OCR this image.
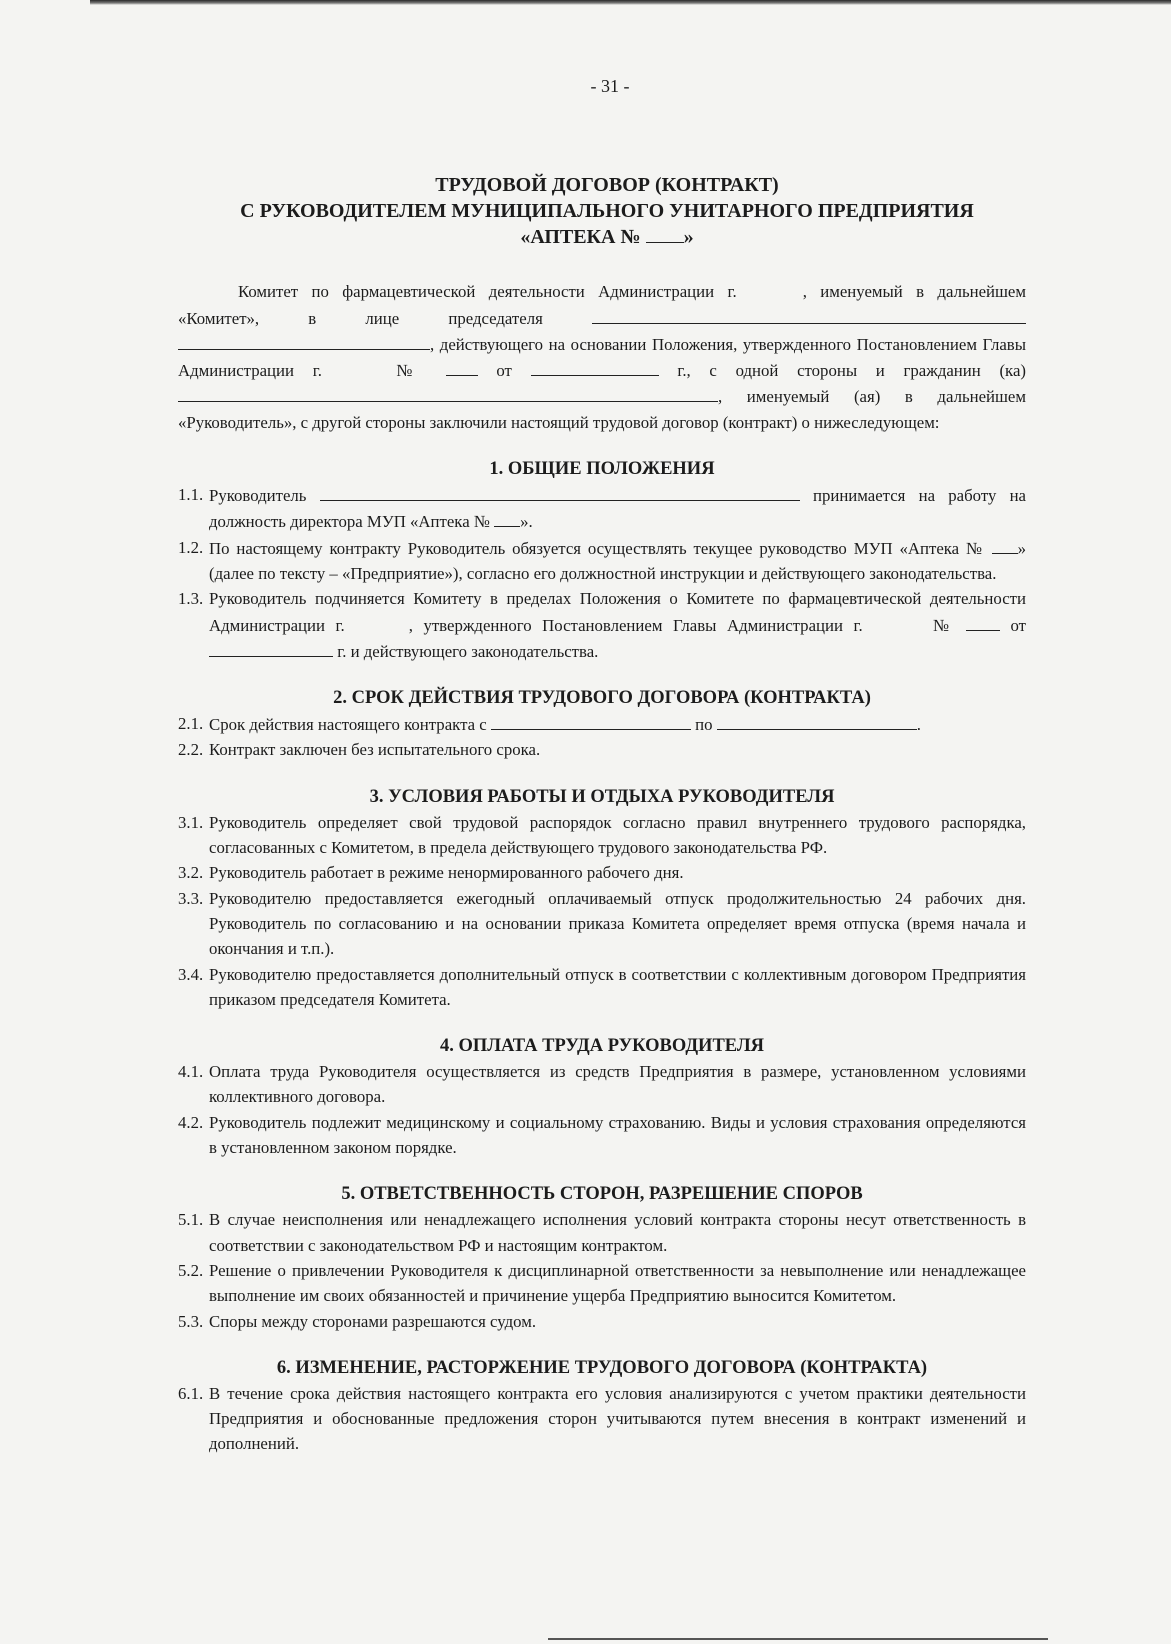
- 31 -
ТРУДОВОЙ ДОГОВОР (КОНТРАКТ)
С РУКОВОДИТЕЛЕМ МУНИЦИПАЛЬНОГО УНИТАРНОГО ПРЕДПРИЯТИЯ
«АПТЕКА № »

Комитет по фармацевтической деятельности Администрации г.	, именуемый в дальнейшем «Комитет», в лице председателя  , действующего на основании Положения, утвержденного Постановлением Главы Администрации г.	№	от	г., с одной стороны и гражданин (ка) , именуемый (ая) в дальнейшем «Руководитель», с другой стороны заключили настоящий трудовой договор (контракт) о нижеследующем:

1. ОБЩИЕ ПОЛОЖЕНИЯ
1.1. Руководитель	принимается на работу на должность директора МУП «Аптека № ».
1.2. По настоящему контракту Руководитель обязуется осуществлять текущее руководство МУП «Аптека № » (далее по тексту – «Предприятие»), согласно его должностной инструкции и действующего законодательства.
1.3. Руководитель подчиняется Комитету в пределах Положения о Комитете по фармацевтической деятельности Администрации г.	, утвержденного Постановлением Главы Администрации г.	№	от  г. и действующего законодательства.
2. СРОК ДЕЙСТВИЯ ТРУДОВОГО ДОГОВОРА (КОНТРАКТА)
2.1. Срок действия настоящего контракта с	по	.
2.2. Контракт заключен без испытательного срока.
3. УСЛОВИЯ РАБОТЫ И ОТДЫХА РУКОВОДИТЕЛЯ
3.1. Руководитель определяет свой трудовой распорядок согласно правил внутреннего трудового распорядка, согласованных с Комитетом, в предела действующего трудового законодательства РФ.
3.2. Руководитель работает в режиме ненормированного рабочего дня.
3.3. Руководителю предоставляется ежегодный оплачиваемый отпуск продолжительностью 24 рабочих дня. Руководитель по согласованию и на основании приказа Комитета определяет время отпуска (время начала и окончания и т.п.).
3.4. Руководителю предоставляется дополнительный отпуск в соответствии с коллективным договором Предприятия приказом председателя Комитета.
4. ОПЛАТА ТРУДА РУКОВОДИТЕЛЯ
4.1. Оплата труда Руководителя осуществляется из средств Предприятия в размере, установленном условиями коллективного договора.
4.2. Руководитель подлежит медицинскому и социальному страхованию. Виды и условия страхования определяются в установленном законом порядке.
5. ОТВЕТСТВЕННОСТЬ СТОРОН, РАЗРЕШЕНИЕ СПОРОВ
5.1. В случае неисполнения или ненадлежащего исполнения условий контракта стороны несут ответственность в соответствии с законодательством РФ и настоящим контрактом.
5.2. Решение о привлечении Руководителя к дисциплинарной ответственности за невыполнение или ненадлежащее выполнение им своих обязанностей и причинение ущерба Предприятию выносится Комитетом.
5.3. Споры между сторонами разрешаются судом.
6. ИЗМЕНЕНИЕ, РАСТОРЖЕНИЕ ТРУДОВОГО ДОГОВОРА (КОНТРАКТА)
6.1. В течение срока действия настоящего контракта его условия анализируются с учетом практики деятельности Предприятия и обоснованные предложения сторон учитываются путем внесения в контракт изменений и дополнений.
